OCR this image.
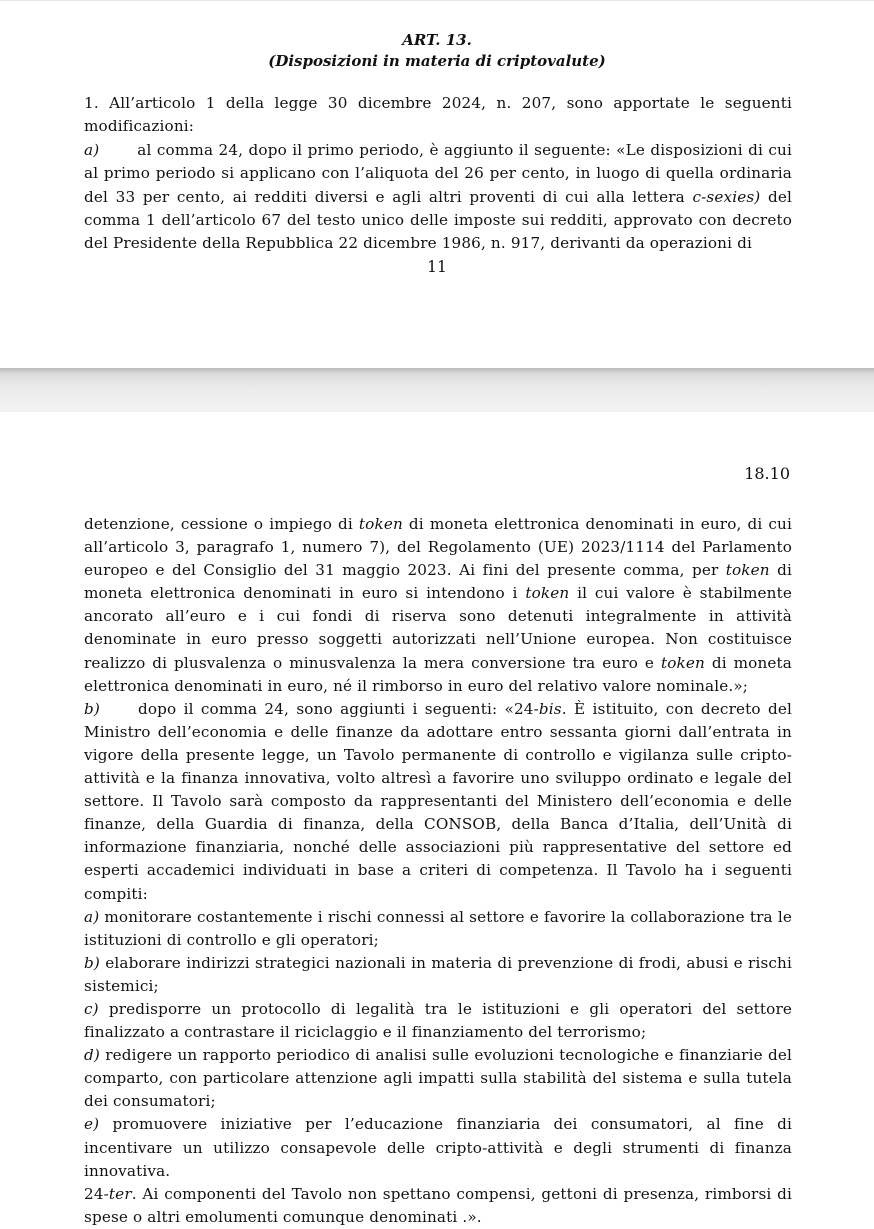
ART. 13.
(Disposizioni in materia di criptovalute)

1. All’articolo 1 della legge 30 dicembre 2024, n. 207, sono apportate le seguenti modificazioni:

a)	al comma 24, dopo il primo periodo, è aggiunto il seguente: «Le disposizioni di cui al primo periodo si applicano con l’aliquota del 26 per cento, in luogo di quella ordinaria del 33 per cento, ai redditi diversi e agli altri proventi di cui alla lettera c-sexies) del comma 1 dell’articolo 67 del testo unico delle imposte sui redditi, approvato con decreto del Presidente della Repubblica 22 dicembre 1986, n. 917, derivanti da operazioni di

11
18.10

detenzione, cessione o impiego di token di moneta elettronica denominati in euro, di cui all’articolo 3, paragrafo 1, numero 7), del Regolamento (UE) 2023/1114 del Parlamento europeo e del Consiglio del 31 maggio 2023. Ai fini del presente comma, per token di moneta elettronica denominati in euro si intendono i token il cui valore è stabilmente ancorato all’euro e i cui fondi di riserva sono detenuti integralmente in attività denominate in euro presso soggetti autorizzati nell’Unione europea. Non costituisce realizzo di plusvalenza o minusvalenza la mera conversione tra euro e token di moneta elettronica denominati in euro, né il rimborso in euro del relativo valore nominale.»;

b)	dopo il comma 24, sono aggiunti i seguenti: «24-bis. È istituito, con decreto del Ministro dell’economia e delle finanze da adottare entro sessanta giorni dall’entrata in vigore della presente legge, un Tavolo permanente di controllo e vigilanza sulle cripto-attività e la finanza innovativa, volto altresì a favorire uno sviluppo ordinato e legale del settore. Il Tavolo sarà composto da rappresentanti del Ministero dell’economia e delle finanze, della Guardia di finanza, della CONSOB, della Banca d’Italia, dell’Unità di informazione finanziaria, nonché delle associazioni più rappresentative del settore ed esperti accademici individuati in base a criteri di competenza. Il Tavolo ha i seguenti compiti:

a) monitorare costantemente i rischi connessi al settore e favorire la collaborazione tra le istituzioni di controllo e gli operatori;

b) elaborare indirizzi strategici nazionali in materia di prevenzione di frodi, abusi e rischi sistemici;

c) predisporre un protocollo di legalità tra le istituzioni e gli operatori del settore finalizzato a contrastare il riciclaggio e il finanziamento del terrorismo;

d) redigere un rapporto periodico di analisi sulle evoluzioni tecnologiche e finanziarie del comparto, con particolare attenzione agli impatti sulla stabilità del sistema e sulla tutela dei consumatori;

e) promuovere iniziative per l’educazione finanziaria dei consumatori, al fine di incentivare un utilizzo consapevole delle cripto-attività e degli strumenti di finanza innovativa.

24-ter. Ai componenti del Tavolo non spettano compensi, gettoni di presenza, rimborsi di spese o altri emolumenti comunque denominati .».
